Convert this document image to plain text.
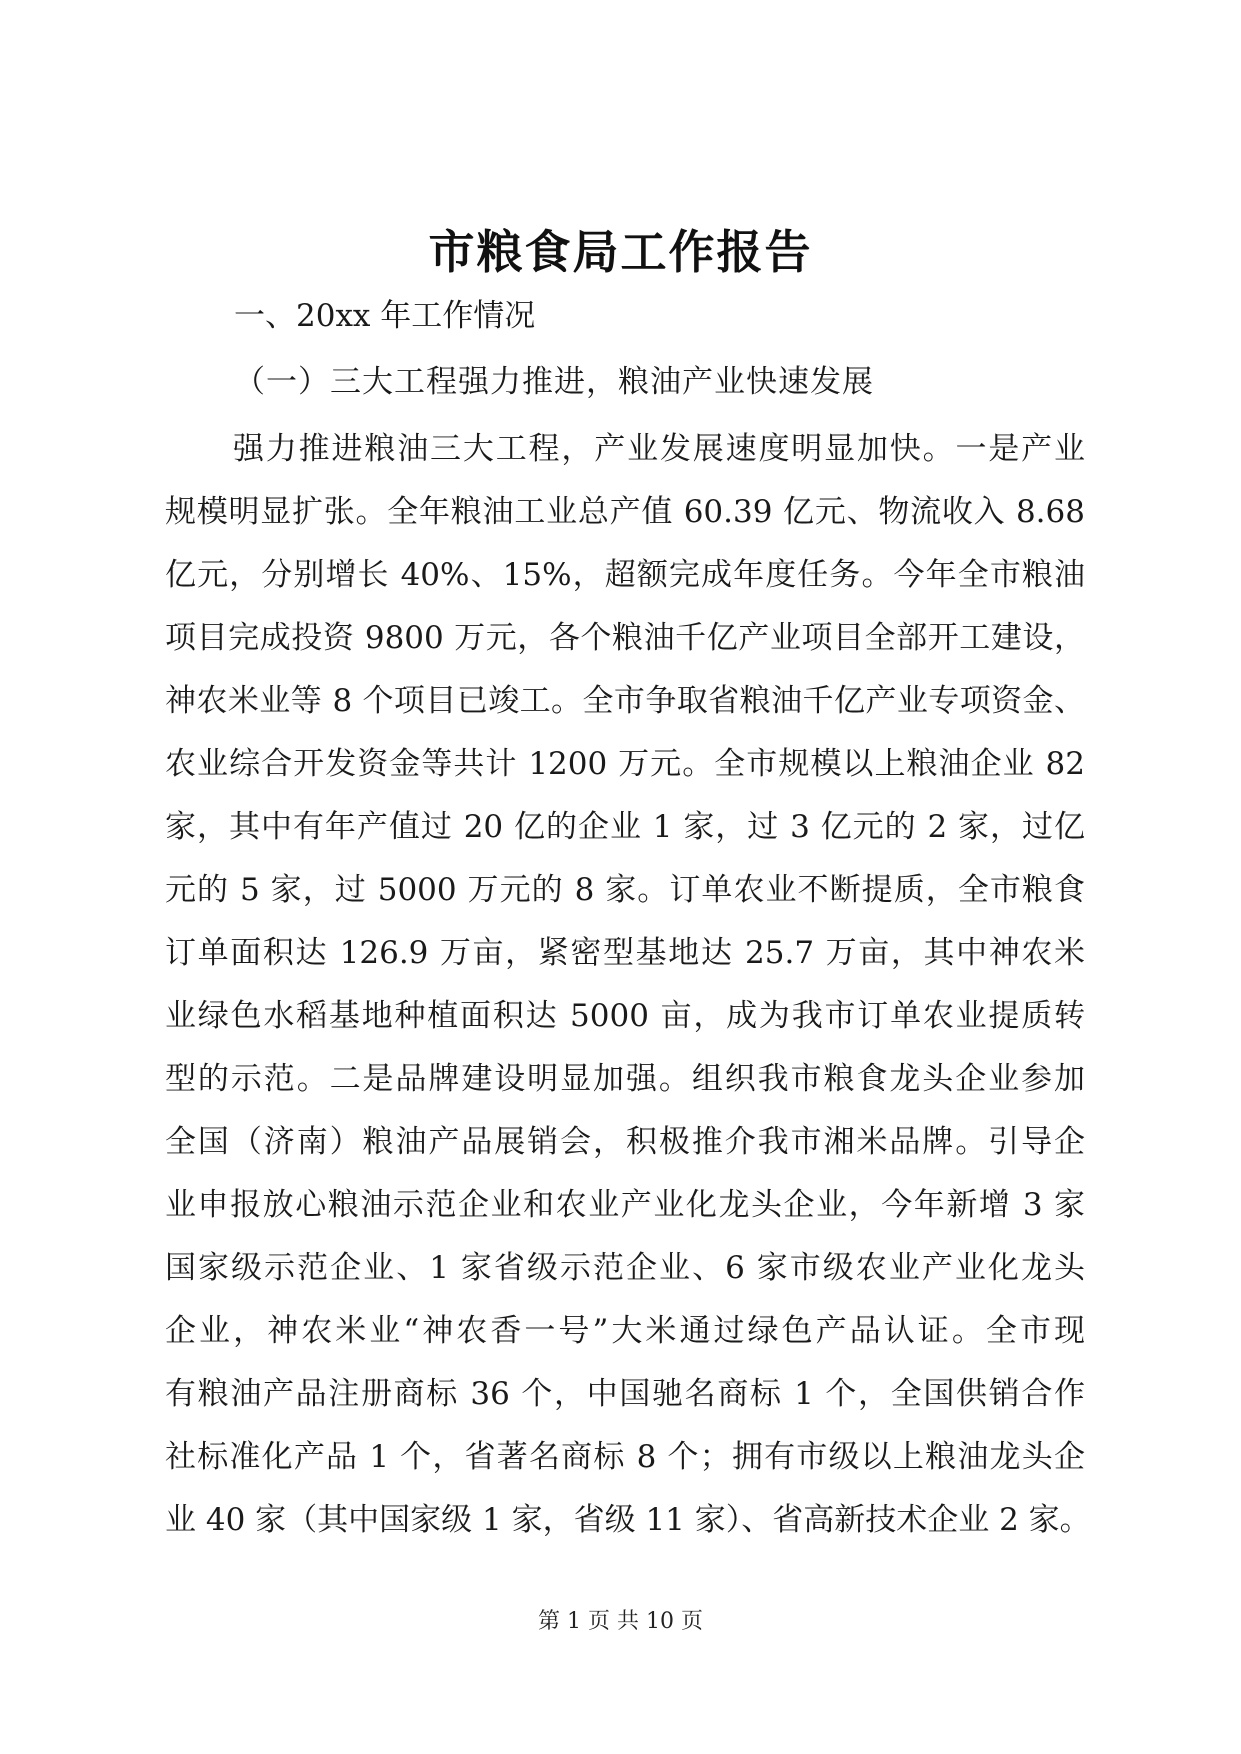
市粮食局工作报告
一、20xx 年工作情况
（一）三大工程强力推进，粮油产业快速发展
强力推进粮油三大工程，产业发展速度明显加快。一是产业
规模明显扩张。全年粮油工业总产值 60.39 亿元、物流收入 8.68
亿元，分别增长 40%、15%，超额完成年度任务。今年全市粮油
项目完成投资 9800 万元，各个粮油千亿产业项目全部开工建设，
神农米业等 8 个项目已竣工。全市争取省粮油千亿产业专项资金、
农业综合开发资金等共计 1200 万元。全市规模以上粮油企业 82
家，其中有年产值过 20 亿的企业 1 家，过 3 亿元的 2 家，过亿
元的 5 家，过 5000 万元的 8 家。订单农业不断提质，全市粮食
订单面积达 126.9 万亩，紧密型基地达 25.7 万亩，其中神农米
业绿色水稻基地种植面积达 5000 亩，成为我市订单农业提质转
型的示范。二是品牌建设明显加强。组织我市粮食龙头企业参加
全国（济南）粮油产品展销会，积极推介我市湘米品牌。引导企
业申报放心粮油示范企业和农业产业化龙头企业，今年新增 3 家
国家级示范企业、1 家省级示范企业、6 家市级农业产业化龙头
企业，神农米业“神农香一号”大米通过绿色产品认证。全市现
有粮油产品注册商标 36 个，中国驰名商标 1 个，全国供销合作
社标准化产品 1 个，省著名商标 8 个；拥有市级以上粮油龙头企
业 40 家（其中国家级 1 家，省级 11 家）、省高新技术企业 2 家。
第 1 页 共 10 页
